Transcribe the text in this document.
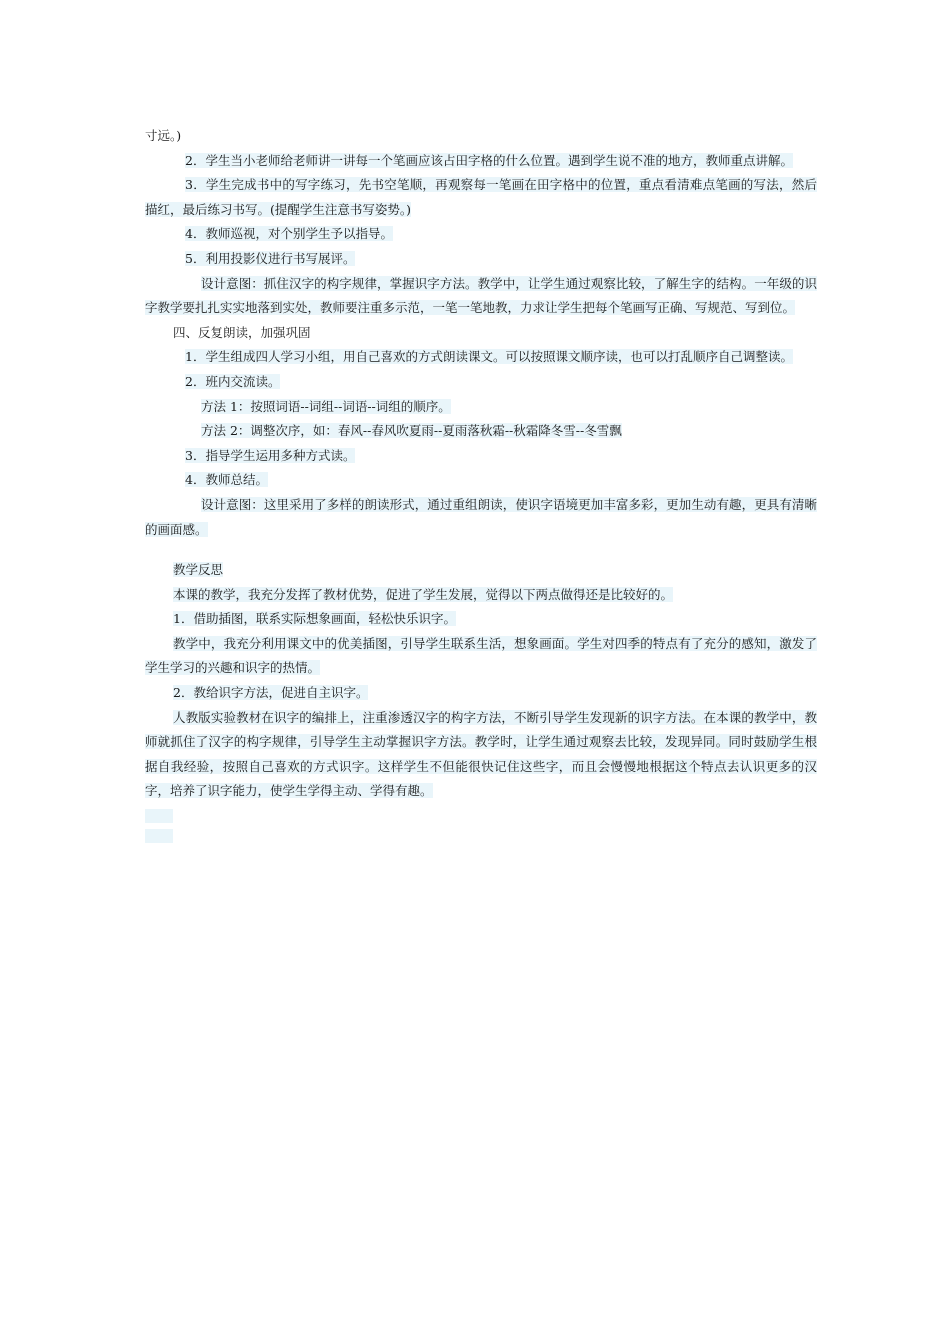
寸远。)
2．学生当小老师给老师讲一讲每一个笔画应该占田字格的什么位置。遇到学生说不准的地方，教师重点讲解。
3．学生完成书中的写字练习，先书空笔顺，再观察每一笔画在田字格中的位置，重点看清难点笔画的写法，然后描红，最后练习书写。(提醒学生注意书写姿势。)
4．教师巡视，对个别学生予以指导。
5．利用投影仪进行书写展评。
设计意图：抓住汉字的构字规律，掌握识字方法。教学中，让学生通过观察比较，了解生字的结构。一年级的识字教学要扎扎实实地落到实处，教师要注重多示范，一笔一笔地教，力求让学生把每个笔画写正确、写规范、写到位。
四、反复朗读，加强巩固
1．学生组成四人学习小组，用自己喜欢的方式朗读课文。可以按照课文顺序读，也可以打乱顺序自己调整读。
2．班内交流读。
方法 1：按照词语--词组--词语--词组的顺序。
方法 2：调整次序，如：春风--春风吹夏雨--夏雨落秋霜--秋霜降冬雪--冬雪飘
3．指导学生运用多种方式读。
4．教师总结。
设计意图：这里采用了多样的朗读形式，通过重组朗读，使识字语境更加丰富多彩，更加生动有趣，更具有清晰的画面感。
教学反思
本课的教学，我充分发挥了教材优势，促进了学生发展，觉得以下两点做得还是比较好的。
1．借助插图，联系实际想象画面，轻松快乐识字。
教学中，我充分利用课文中的优美插图，引导学生联系生活，想象画面。学生对四季的特点有了充分的感知，激发了学生学习的兴趣和识字的热情。
2．教给识字方法，促进自主识字。
人教版实验教材在识字的编排上，注重渗透汉字的构字方法，不断引导学生发现新的识字方法。在本课的教学中，教师就抓住了汉字的构字规律，引导学生主动掌握识字方法。教学时，让学生通过观察去比较，发现异同。同时鼓励学生根据自我经验，按照自己喜欢的方式识字。这样学生不但能很快记住这些字，而且会慢慢地根据这个特点去认识更多的汉字，培养了识字能力，使学生学得主动、学得有趣。
